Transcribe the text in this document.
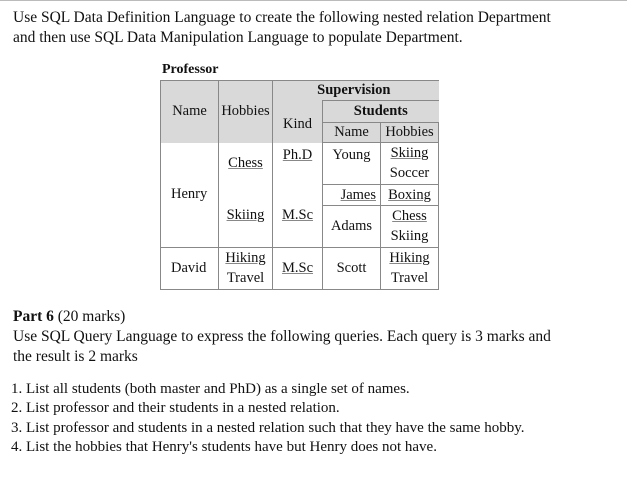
Use SQL Data Definition Language to create the following nested relation Department
and then use SQL Data Manipulation Language to populate Department.
Professor
Name	Hobbies	Supervision		
		Kind	Students	
			Name	Hobbies
Henry	Chess	Ph.D	Young	Skiing
				Soccer
	Skiing	M.Sc	James	Boxing
			Adams	Chess
				Skiing
David	Hiking	M.Sc	Scott	Hiking
	Travel			Travel
Part 6 (20 marks)
Use SQL Query Language to express the following queries. Each query is 3 marks and
the result is 2 marks
1. List all students (both master and PhD) as a single set of names.
2. List professor and their students in a nested relation.
3. List professor and students in a nested relation such that they have the same hobby.
4. List the hobbies that Henry's students have but Henry does not have.
